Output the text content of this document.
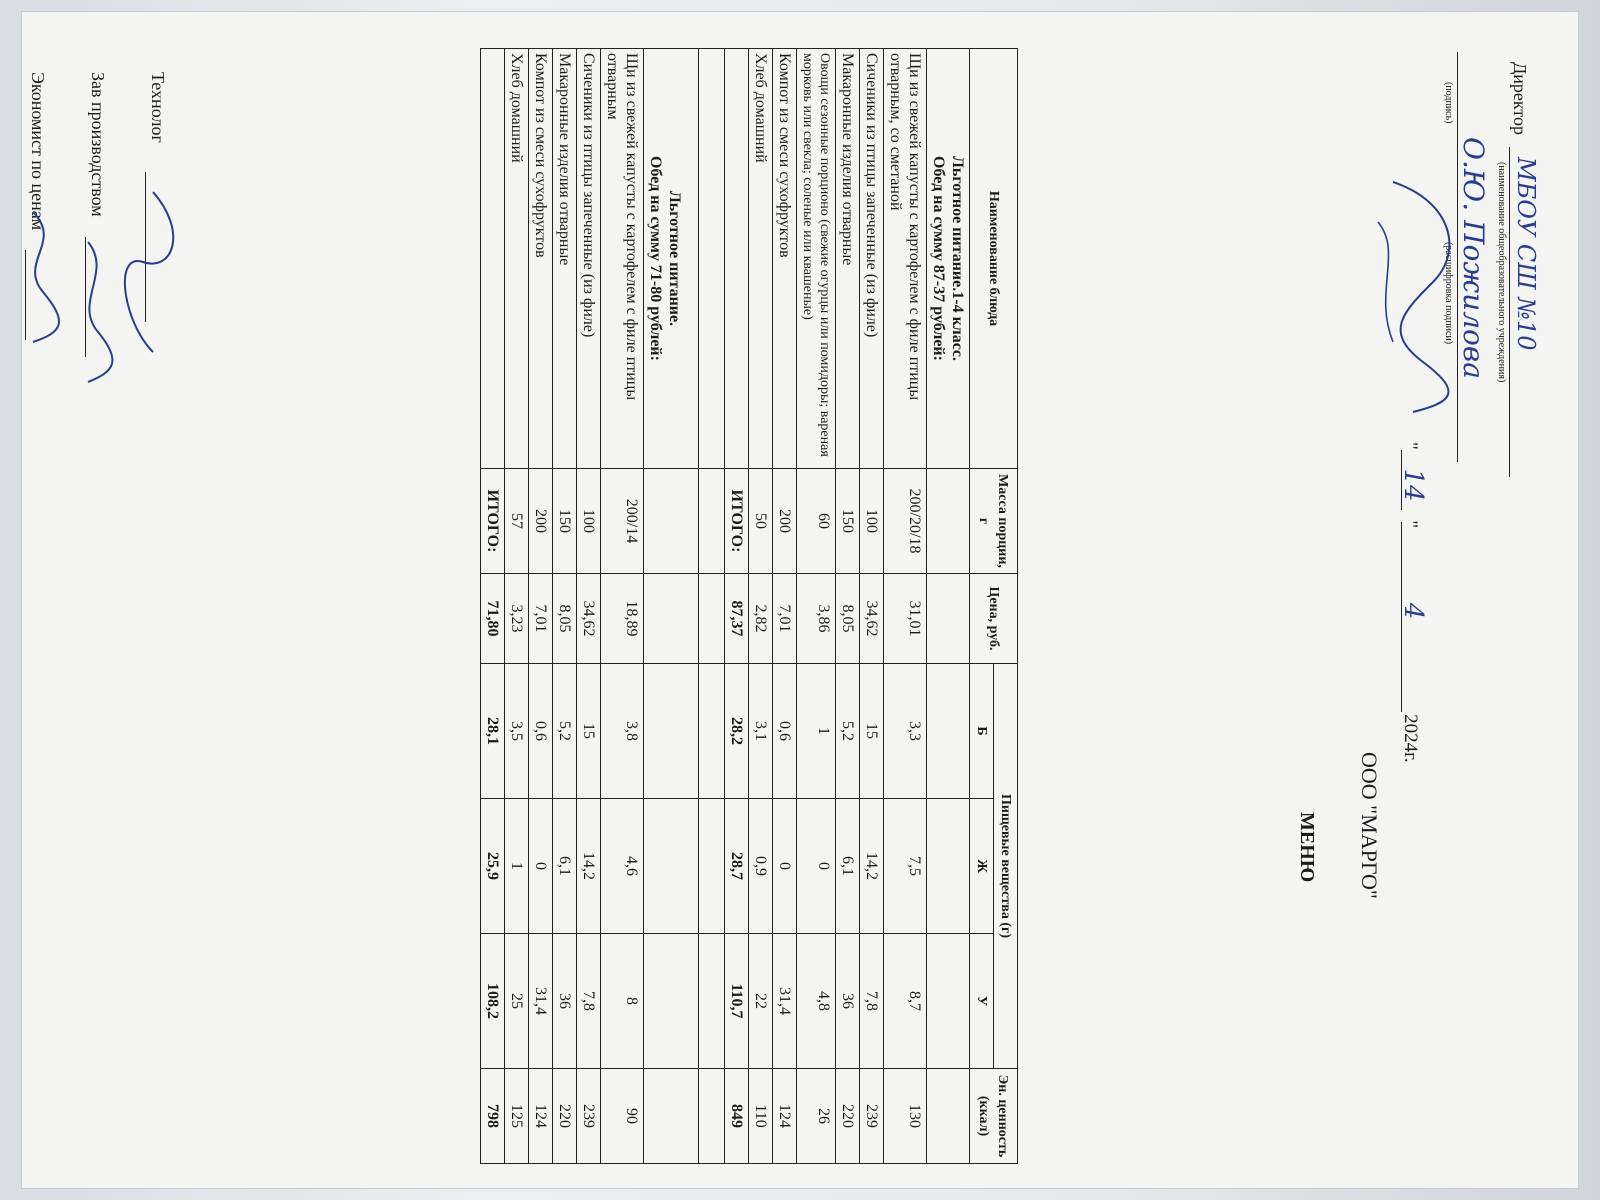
Директор
МБОУ СШ №10
(наименование общеобразовательного учреждения)
О.Ю. Пожилова
(подпись)
(расшифровка подписи)
" 14 " 4 2024г.
ООО "МАРГО"
МЕНЮ
Наименование блюда	Масса порции, г	Цена, руб.	Пищевые вещества (г)			Эн. ценность (ккал)
			Б	Ж	У	

Льготное питание.1-4 класс.
Обед на сумму 87-37 рублей:						

Щи из свежей капусты с картофелем с филе птицы отварным, со сметаной	200/20/18	31,01	3,3	7,5	8,7	130
Сиченики из птицы запеченные (из филе)	100	34,62	15	14,2	7,8	239
Макаронные изделия отварные	150	8,05	5,2	6,1	36	220
Овощи сезонные порционо (свежие огурцы или помидоры; вареная морковь или свекла; соленые или квашеные)	60	3,86	1	0	4,8	26
Компот из смеси сухофруктов	200	7,01	0,6	0	31,4	124
Хлеб домашний	50	2,82	3,1	0,9	22	110
	ИТОГО:	87,37	28,2	28,7	110,7	849

Льготное питание.
Обед на сумму 71-80 рублей:						

Щи из свежей капусты с картофелем с филе птицы отварным	200/14	18,89	3,8	4,6	8	90
Сиченики из птицы запеченные (из филе)	100	34,62	15	14,2	7,8	239
Макаронные изделия отварные	150	8,05	5,2	6,1	36	220
Компот из смеси сухофруктов	200	7,01	0,6	0	31,4	124
Хлеб домашний	57	3,23	3,5	1	25	125
	ИТОГО:	71,80	28,1	25,9	108,2	798
Технолог
Зав производством
Экономист по ценам
